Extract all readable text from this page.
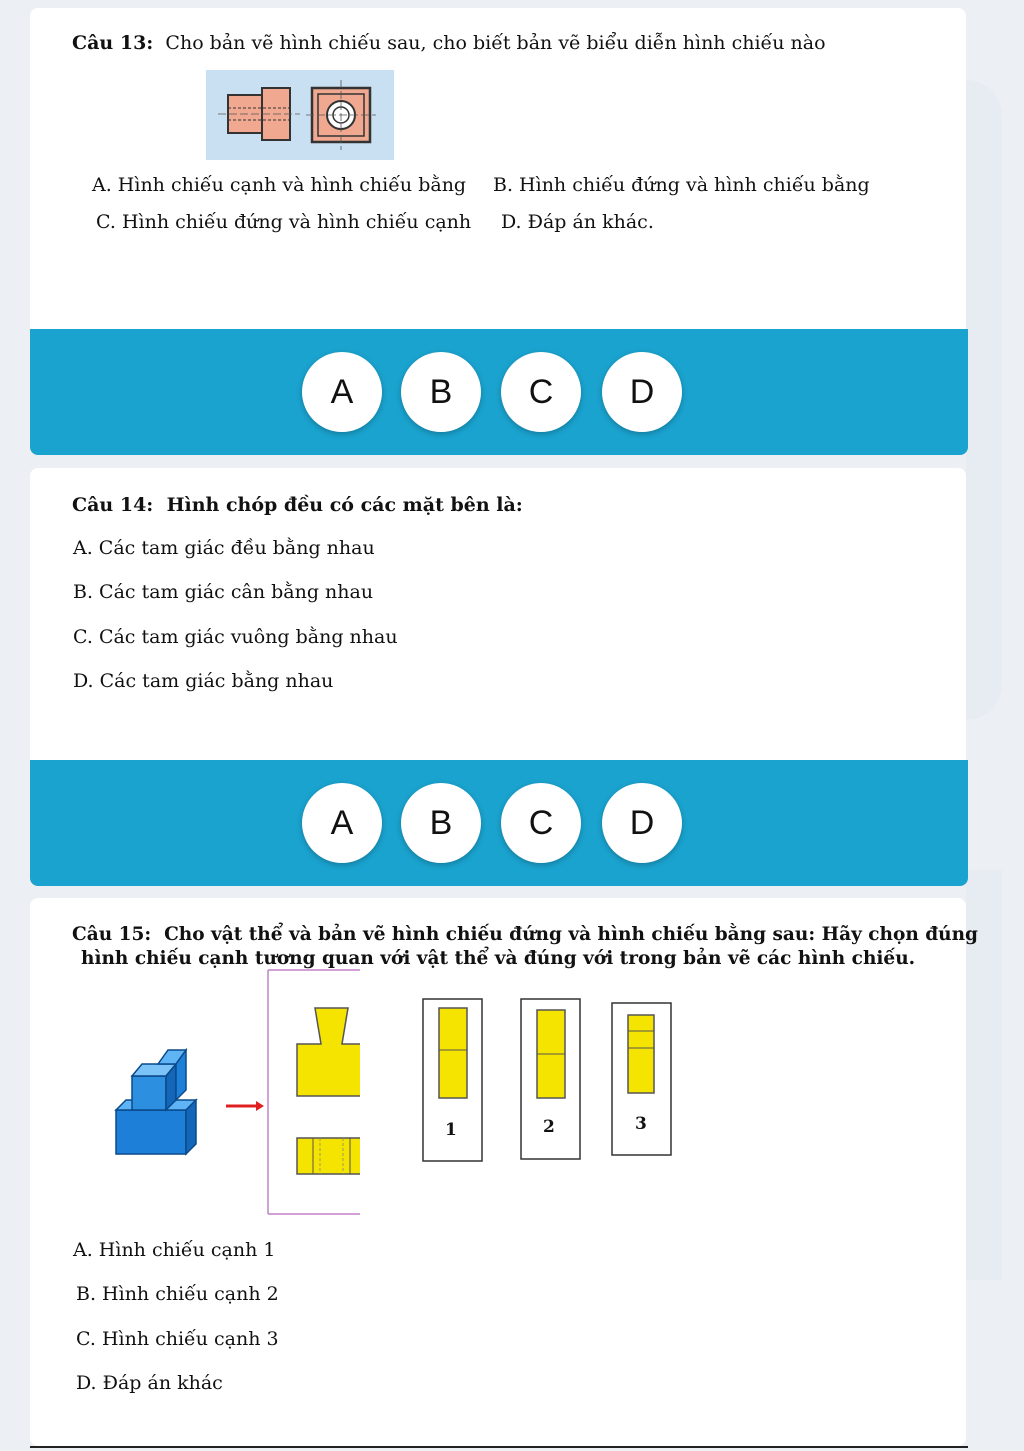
Câu 13: Cho bản vẽ hình chiếu sau, cho biết bản vẽ biểu diễn hình chiếu nào
A. Hình chiếu cạnh và hình chiếu bằng B. Hình chiếu đứng và hình chiếu bằng
C. Hình chiếu đứng và hình chiếu cạnh D. Đáp án khác.
A	B	C	D
Câu 14: Hình chóp đều có các mặt bên là:
A. Các tam giác đều bằng nhau
B. Các tam giác cân bằng nhau
C. Các tam giác vuông bằng nhau
D. Các tam giác bằng nhau
A	B	C	D
Câu 15: Cho vật thể và bản vẽ hình chiếu đứng và hình chiếu bằng sau: Hãy chọn đúng
hình chiếu cạnh tương quan với vật thể và đúng với trong bản vẽ các hình chiếu.
1	2	3
A. Hình chiếu cạnh 1
B. Hình chiếu cạnh 2
C. Hình chiếu cạnh 3
D. Đáp án khác
